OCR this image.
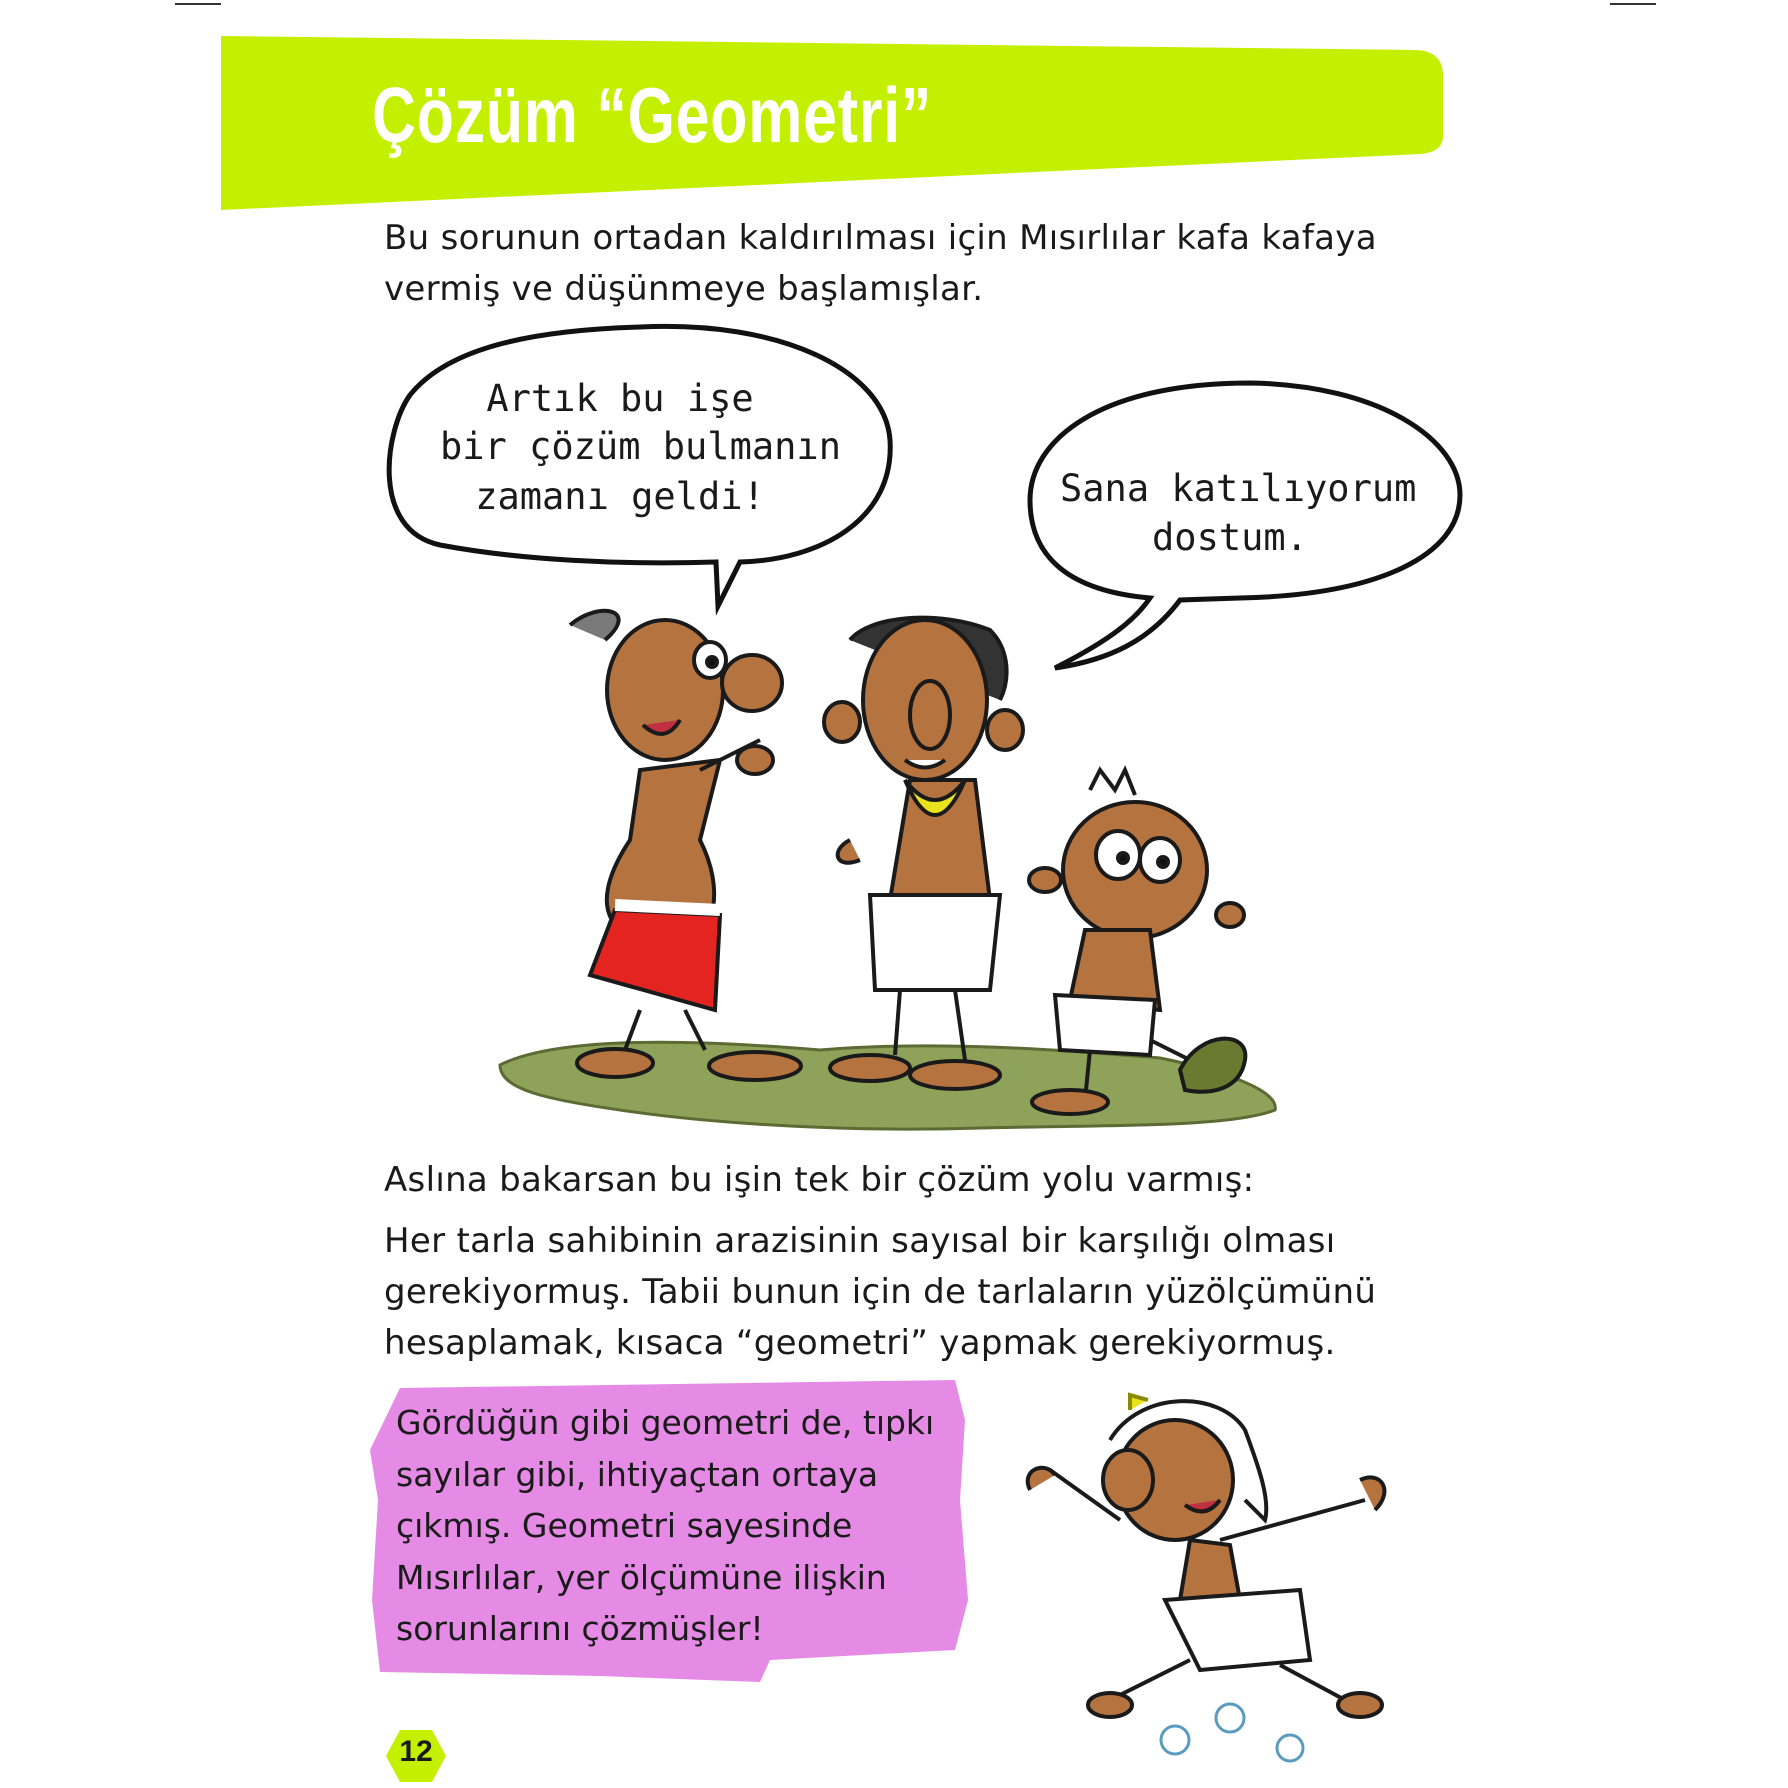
Çözüm “Geometri”
Bu sorunun ortadan kaldırılması için Mısırlılar kafa kafaya
vermiş ve düşünmeye başlamışlar.
Artık bu işe
bir çözüm bulmanın
zamanı geldi!	Sana katılıyorum
dostum.
Aslına bakarsan bu işin tek bir çözüm yolu varmış:
Her tarla sahibinin arazisinin sayısal bir karşılığı olması
gerekiyormuş. Tabii bunun için de tarlaların yüzölçümünü
hesaplamak, kısaca “geometri” yapmak gerekiyormuş.
Gördüğün gibi geometri de, tıpkı
sayılar gibi, ihtiyaçtan ortaya
çıkmış. Geometri sayesinde
Mısırlılar, yer ölçümüne ilişkin
sorunlarını çözmüşler!
12
